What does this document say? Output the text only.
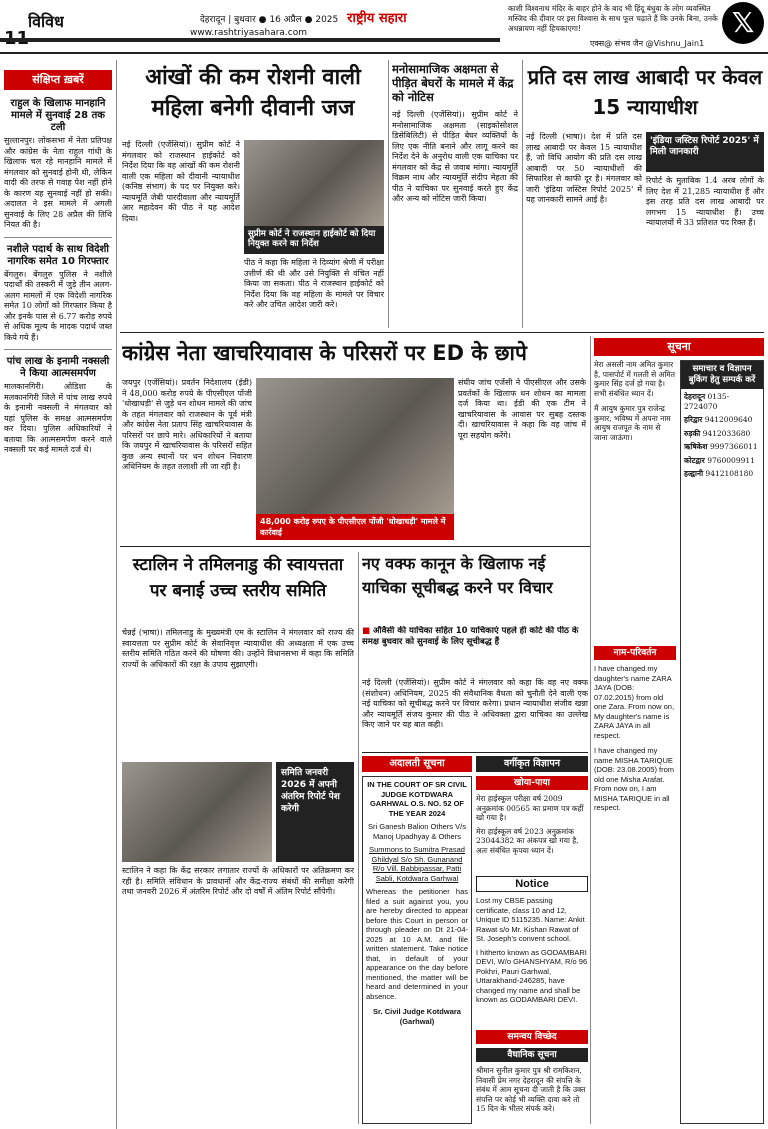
विविध	देहरादून | बुधवार ● 16 अप्रैल ● 2025 राष्ट्रीय सहारा
www.rashtriyasahara.com
काशी विश्वनाथ मंदिर के बाहर होने के बाद भी हिंदू बंधुवा के लोग व्यवस्थित मस्जिद की दीवार पर इस विश्वास के साथ फूल चढ़ाते हैं कि उनके बिना, उनके अधन्नायण नहीं हिचकाएगा!
एक्स@ संभव जैन @Vishnu_Jain1
𝕏
संक्षिप्त ख़बरें
राहुल के खिलाफ मानहानि मामले में सुनवाई 28 तक टली
सुल्तानपुर। लोकसभा में नेता प्रतिपक्ष और कांग्रेस के नेता राहुल गांधी के खिलाफ चल रहे मानहानि मामले में मंगलवार को सुनवाई होनी थी, लेकिन वादी की तरफ से गवाह पेश नहीं होने के कारण यह सुनवाई नहीं हो सकी। अदालत ने इस मामले में अगली सुनवाई के लिए 28 अप्रैल की तिथि नियत की है।
नशीले पदार्थ के साथ विदेशी नागरिक समेत 10 गिरफ्तार
बेंगलुरु। बेंगलुरु पुलिस ने नशीले पदार्थों की तस्करी में जुड़े तीन अलग-अलग मामलों में एक विदेशी नागरिक समेत 10 लोगों को गिरफ्तार किया है और इनके पास से 6.77 करोड़ रुपये से अधिक मूल्य के मादक पदार्थ जब्त किये गये हैं।
पांच लाख के इनामी नक्सली ने किया आत्मसमर्पण
मालकानगिरी। ओडिशा के मलकानगिरी जिले में पांच लाख रुपये के इनामी नक्सली ने मंगलवार को यहां पुलिस के समक्ष आत्मसमर्पण कर दिया। पुलिस अधिकारियों ने बताया कि आत्मसमर्पण करने वाले नक्सली पर कई मामले दर्ज थे।
आंखों की कम रोशनी वाली महिला बनेगी दीवानी जज
नई दिल्ली (एजेंसियां)। सुप्रीम कोर्ट ने मंगलवार को राजस्थान हाईकोर्ट को निर्देश दिया कि वह आंखों की कम रोशनी वाली एक महिला को दीवानी न्यायाधीश (कनिष्ठ संभाग) के पद पर नियुक्त करे। न्यायमूर्ति जेबी पारदीवाला और न्यायमूर्ति आर महादेवन की पीठ ने यह आदेश दिया।
सुप्रीम कोर्ट ने राजस्थान हाईकोर्ट को दिया नियुक्त करने का निर्देश
पीठ ने कहा कि महिला ने दिव्यांग श्रेणी में परीक्षा उत्तीर्ण की थी और उसे नियुक्ति से वंचित नहीं किया जा सकता। पीठ ने राजस्थान हाईकोर्ट को निर्देश दिया कि वह महिला के मामले पर विचार करे और उचित आदेश जारी करे।
मनोसामाजिक अक्षमता से पीड़ित बेघरों के मामले में केंद्र को नोटिस
नई दिल्ली (एजेंसियां)। सुप्रीम कोर्ट ने मनोसामाजिक अक्षमता (साइकोसोशल डिसेबिलिटी) से पीड़ित बेघर व्यक्तियों के लिए एक नीति बनाने और लागू करने का निर्देश देने के अनुरोध वाली एक याचिका पर मंगलवार को केंद्र से जवाब मांगा। न्यायमूर्ति विक्रम नाथ और न्यायमूर्ति संदीप मेहता की पीठ ने याचिका पर सुनवाई करते हुए केंद्र और अन्य को नोटिस जारी किया।
प्रति दस लाख आबादी पर केवल 15 न्यायाधीश
नई दिल्ली (भाषा)। देश में प्रति दस लाख आबादी पर केवल 15 न्यायाधीश हैं, जो विधि आयोग की प्रति दस लाख आबादी पर 50 न्यायाधीशों की सिफारिश से काफी दूर है। मंगलवार को जारी 'इंडिया जस्टिस रिपोर्ट 2025' में यह जानकारी सामने आई है।
'इंडिया जस्टिस रिपोर्ट 2025' में मिली जानकारी
रिपोर्ट के मुताबिक 1.4 अरब लोगों के लिए देश में 21,285 न्यायाधीश हैं और इस तरह प्रति दस लाख आबादी पर लगभग 15 न्यायाधीश हैं। उच्च न्यायालयों में 33 प्रतिशत पद रिक्त हैं।
कांग्रेस नेता खाचरियावास के परिसरों पर ED के छापे
जयपुर (एजेंसियां)। प्रवर्तन निदेशालय (ईडी) ने 48,000 करोड़ रुपये के पीएसीएल पोंजी 'धोखाधड़ी' से जुड़े धन शोधन मामले की जांच के तहत मंगलवार को राजस्थान के पूर्व मंत्री और कांग्रेस नेता प्रताप सिंह खाचरियावास के परिसरों पर छापे मारे। अधिकारियों ने बताया कि जयपुर में खाचरियावास के परिसरों सहित कुछ अन्य स्थानों पर धन शोधन निवारण अधिनियम के तहत तलाशी ली जा रही है।
48,000 करोड़ रुपए के पीएसीएल पोंजी 'धोखाधड़ी' मामले में कार्रवाई
संघीय जांच एजेंसी ने पीएसीएल और उसके प्रवर्तकों के खिलाफ धन शोधन का मामला दर्ज किया था। ईडी की एक टीम ने खाचरियावास के आवास पर सुबह दस्तक दी। खाचरियावास ने कहा कि वह जांच में पूरा सहयोग करेंगे।
सूचना
मेरा असली नाम अमित कुमार है, पासपोर्ट में गलती से अमित कुमार सिंह दर्ज हो गया है। सभी संबंधित ध्यान दें।
मैं आयुष कुमार पुत्र राजेन्द्र कुमार, भविष्य में अपना नाम आयुष राजपूत के नाम से जाना जाऊंगा।
समाचार व विज्ञापन बुकिंग हेतु सम्पर्क करें
देहरादून 0135-2724070
हरिद्वार 9412009640
रुड़की 9412033680
ऋषिकेश 9997366011
कोटद्वार 9760009911
हल्द्वानी 9412108180
स्टालिन ने तमिलनाडु की स्वायत्तता पर बनाई उच्च स्तरीय समिति
चेन्नई (भाषा)। तमिलनाडु के मुख्यमंत्री एम के स्टालिन ने मंगलवार को राज्य की स्वायत्तता पर सुप्रीम कोर्ट के सेवानिवृत्त न्यायाधीश की अध्यक्षता में एक उच्च स्तरीय समिति गठित करने की घोषणा की। उन्होंने विधानसभा में कहा कि समिति राज्यों के अधिकारों की रक्षा के उपाय सुझाएगी।
समिति जनवरी 2026 में अपनी अंतरिम रिपोर्ट पेश करेगी
स्टालिन ने कहा कि केंद्र सरकार लगातार राज्यों के अधिकारों पर अतिक्रमण कर रही है। समिति संविधान के प्रावधानों और केंद्र-राज्य संबंधों की समीक्षा करेगी तथा जनवरी 2026 में अंतरिम रिपोर्ट और दो वर्षों में अंतिम रिपोर्ट सौंपेगी।
नए वक्फ कानून के खिलाफ नई याचिका सूचीबद्ध करने पर विचार
■ औवैसी की याचिका सहित 10 याचिकाएं पहले ही कोर्ट की पीठ के समक्ष बुधवार को सुनवाई के लिए सूचीबद्ध हैं
नई दिल्ली (एजेंसियां)। सुप्रीम कोर्ट ने मंगलवार को कहा कि वह नए वक्फ (संशोधन) अधिनियम, 2025 की संवैधानिक वैधता को चुनौती देने वाली एक नई याचिका को सूचीबद्ध करने पर विचार करेगा। प्रधान न्यायाधीश संजीव खन्ना और न्यायमूर्ति संजय कुमार की पीठ ने अधिवक्ता द्वारा याचिका का उल्लेख किए जाने पर यह बात कही।
अदालती सूचना
IN THE COURT OF SR CIVIL JUDGE KOTDWARA GARHWAL O.S. NO. 52 OF THE YEAR 2024
Sri Ganesh Balion Others V/s Manoj Upadhyay & Others
Summons to Sumitra Prasad Ghildyal S/o Sh. Gunanand R/o Vill. Babbipassar, Patti Sabli, Kotdwara Garhwal
Whereas the petitioner has filed a suit against you, you are hereby directed to appear before this Court in person or through pleader on Dt 21-04-2025 at 10 A.M. and file written statement. Take notice that, in default of your appearance on the day before mentioned, the matter will be heard and determined in your absence.
Sr. Civil Judge Kotdwara (Garhwal)
वर्गीकृत विज्ञापन
खोया-पाया
मेरा हाईस्कूल परीक्षा वर्ष 2009 अनुक्रमांक 00565 का प्रमाण पत्र कहीं खो गया है।
मेरा हाईस्कूल वर्ष 2023 अनुक्रमांक 23044382 का अंकपत्र खो गया है, अतः संबंधित कृपया ध्यान दें।
Notice
Lost my CBSE passing certificate, class 10 and 12, Unique ID 5115235. Name: Ankit Rawat s/o Mr. Kishan Rawat of St. Joseph's convent school.
I hitherto known as GODAMBARI DEVI, W/o GHANSHYAM, R/o 96 Pokhri, Pauri Garhwal, Uttarakhand-246285, have changed my name and shall be known as GODAMBARI DEVI.
समन्वय विच्छेद
वैधानिक सूचना
श्रीमान सुनील कुमार पुत्र श्री रामकिशन, निवासी प्रेम नगर देहरादून की संपत्ति के संबंध में आम सूचना दी जाती है कि उक्त संपत्ति पर कोई भी व्यक्ति दावा करे तो 15 दिन के भीतर संपर्क करे।
नाम-परिवर्तन
I have changed my daughter's name ZARA JAYA (DOB: 07.02.2015) from old one Zara. From now on, My daughter's name is ZARA JAYA in all respect.
I have changed my name MISHA TARIQUE (DOB: 23.08.2005) from old one Misha Arafat. From now on, I am MISHA TARIQUE in all respect.
